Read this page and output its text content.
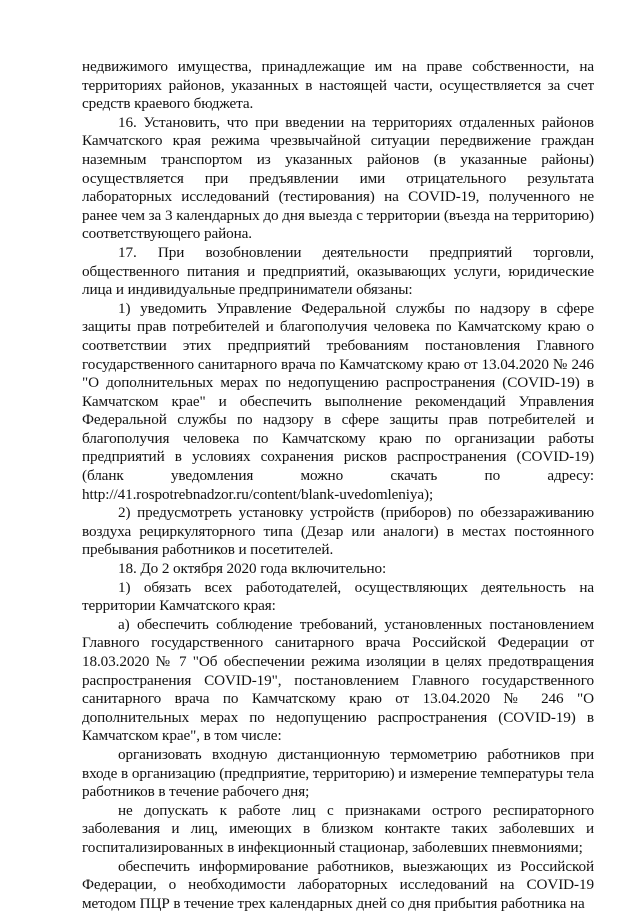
недвижимого имущества, принадлежащие им на праве собственности, на территориях районов, указанных в настоящей части, осуществляется за счет средств краевого бюджета.

16. Установить, что при введении на территориях отдаленных районов Камчатского края режима чрезвычайной ситуации передвижение граждан наземным транспортом из указанных районов (в указанные районы) осуществляется при предъявлении ими отрицательного результата лабораторных исследований (тестирования) на COVID-19, полученного не ранее чем за 3 календарных до дня выезда с территории (въезда на территорию) соответствующего района.

17. При возобновлении деятельности предприятий торговли, общественного питания и предприятий, оказывающих услуги, юридические лица и индивидуальные предприниматели обязаны:

1) уведомить Управление Федеральной службы по надзору в сфере защиты прав потребителей и благополучия человека по Камчатскому краю о соответствии этих предприятий требованиям постановления Главного государственного санитарного врача по Камчатскому краю от 13.04.2020 № 246 "О дополнительных мерах по недопущению распространения (COVID-19) в Камчатском крае" и обеспечить выполнение рекомендаций Управления Федеральной службы по надзору в сфере защиты прав потребителей и благополучия человека по Камчатскому краю по организации работы предприятий в условиях сохранения рисков распространения (COVID-19) (бланк уведомления можно скачать по адресу: http://41.rospotrebnadzor.ru/content/blank-uvedomleniya);

2) предусмотреть установку устройств (приборов) по обеззараживанию воздуха рециркуляторного типа (Дезар или аналоги) в местах постоянного пребывания работников и посетителей.

18. До 2 октября 2020 года включительно:

1) обязать всех работодателей, осуществляющих деятельность на территории Камчатского края:

а) обеспечить соблюдение требований, установленных постановлением Главного государственного санитарного врача Российской Федерации от 18.03.2020 № 7 "Об обеспечении режима изоляции в целях предотвращения распространения COVID-19", постановлением Главного государственного санитарного врача по Камчатскому краю от 13.04.2020 № 246 "О дополнительных мерах по недопущению распространения (COVID-19) в Камчатском крае", в том числе:

организовать входную дистанционную термометрию работников при входе в организацию (предприятие, территорию) и измерение температуры тела работников в течение рабочего дня;

не допускать к работе лиц с признаками острого респираторного заболевания и лиц, имеющих в близком контакте таких заболевших и госпитализированных в инфекционный стационар, заболевших пневмониями;

обеспечить информирование работников, выезжающих из Российской Федерации, о необходимости лабораторных исследований на COVID-19 методом ПЦР в течение трех календарных дней со дня прибытия работника на
